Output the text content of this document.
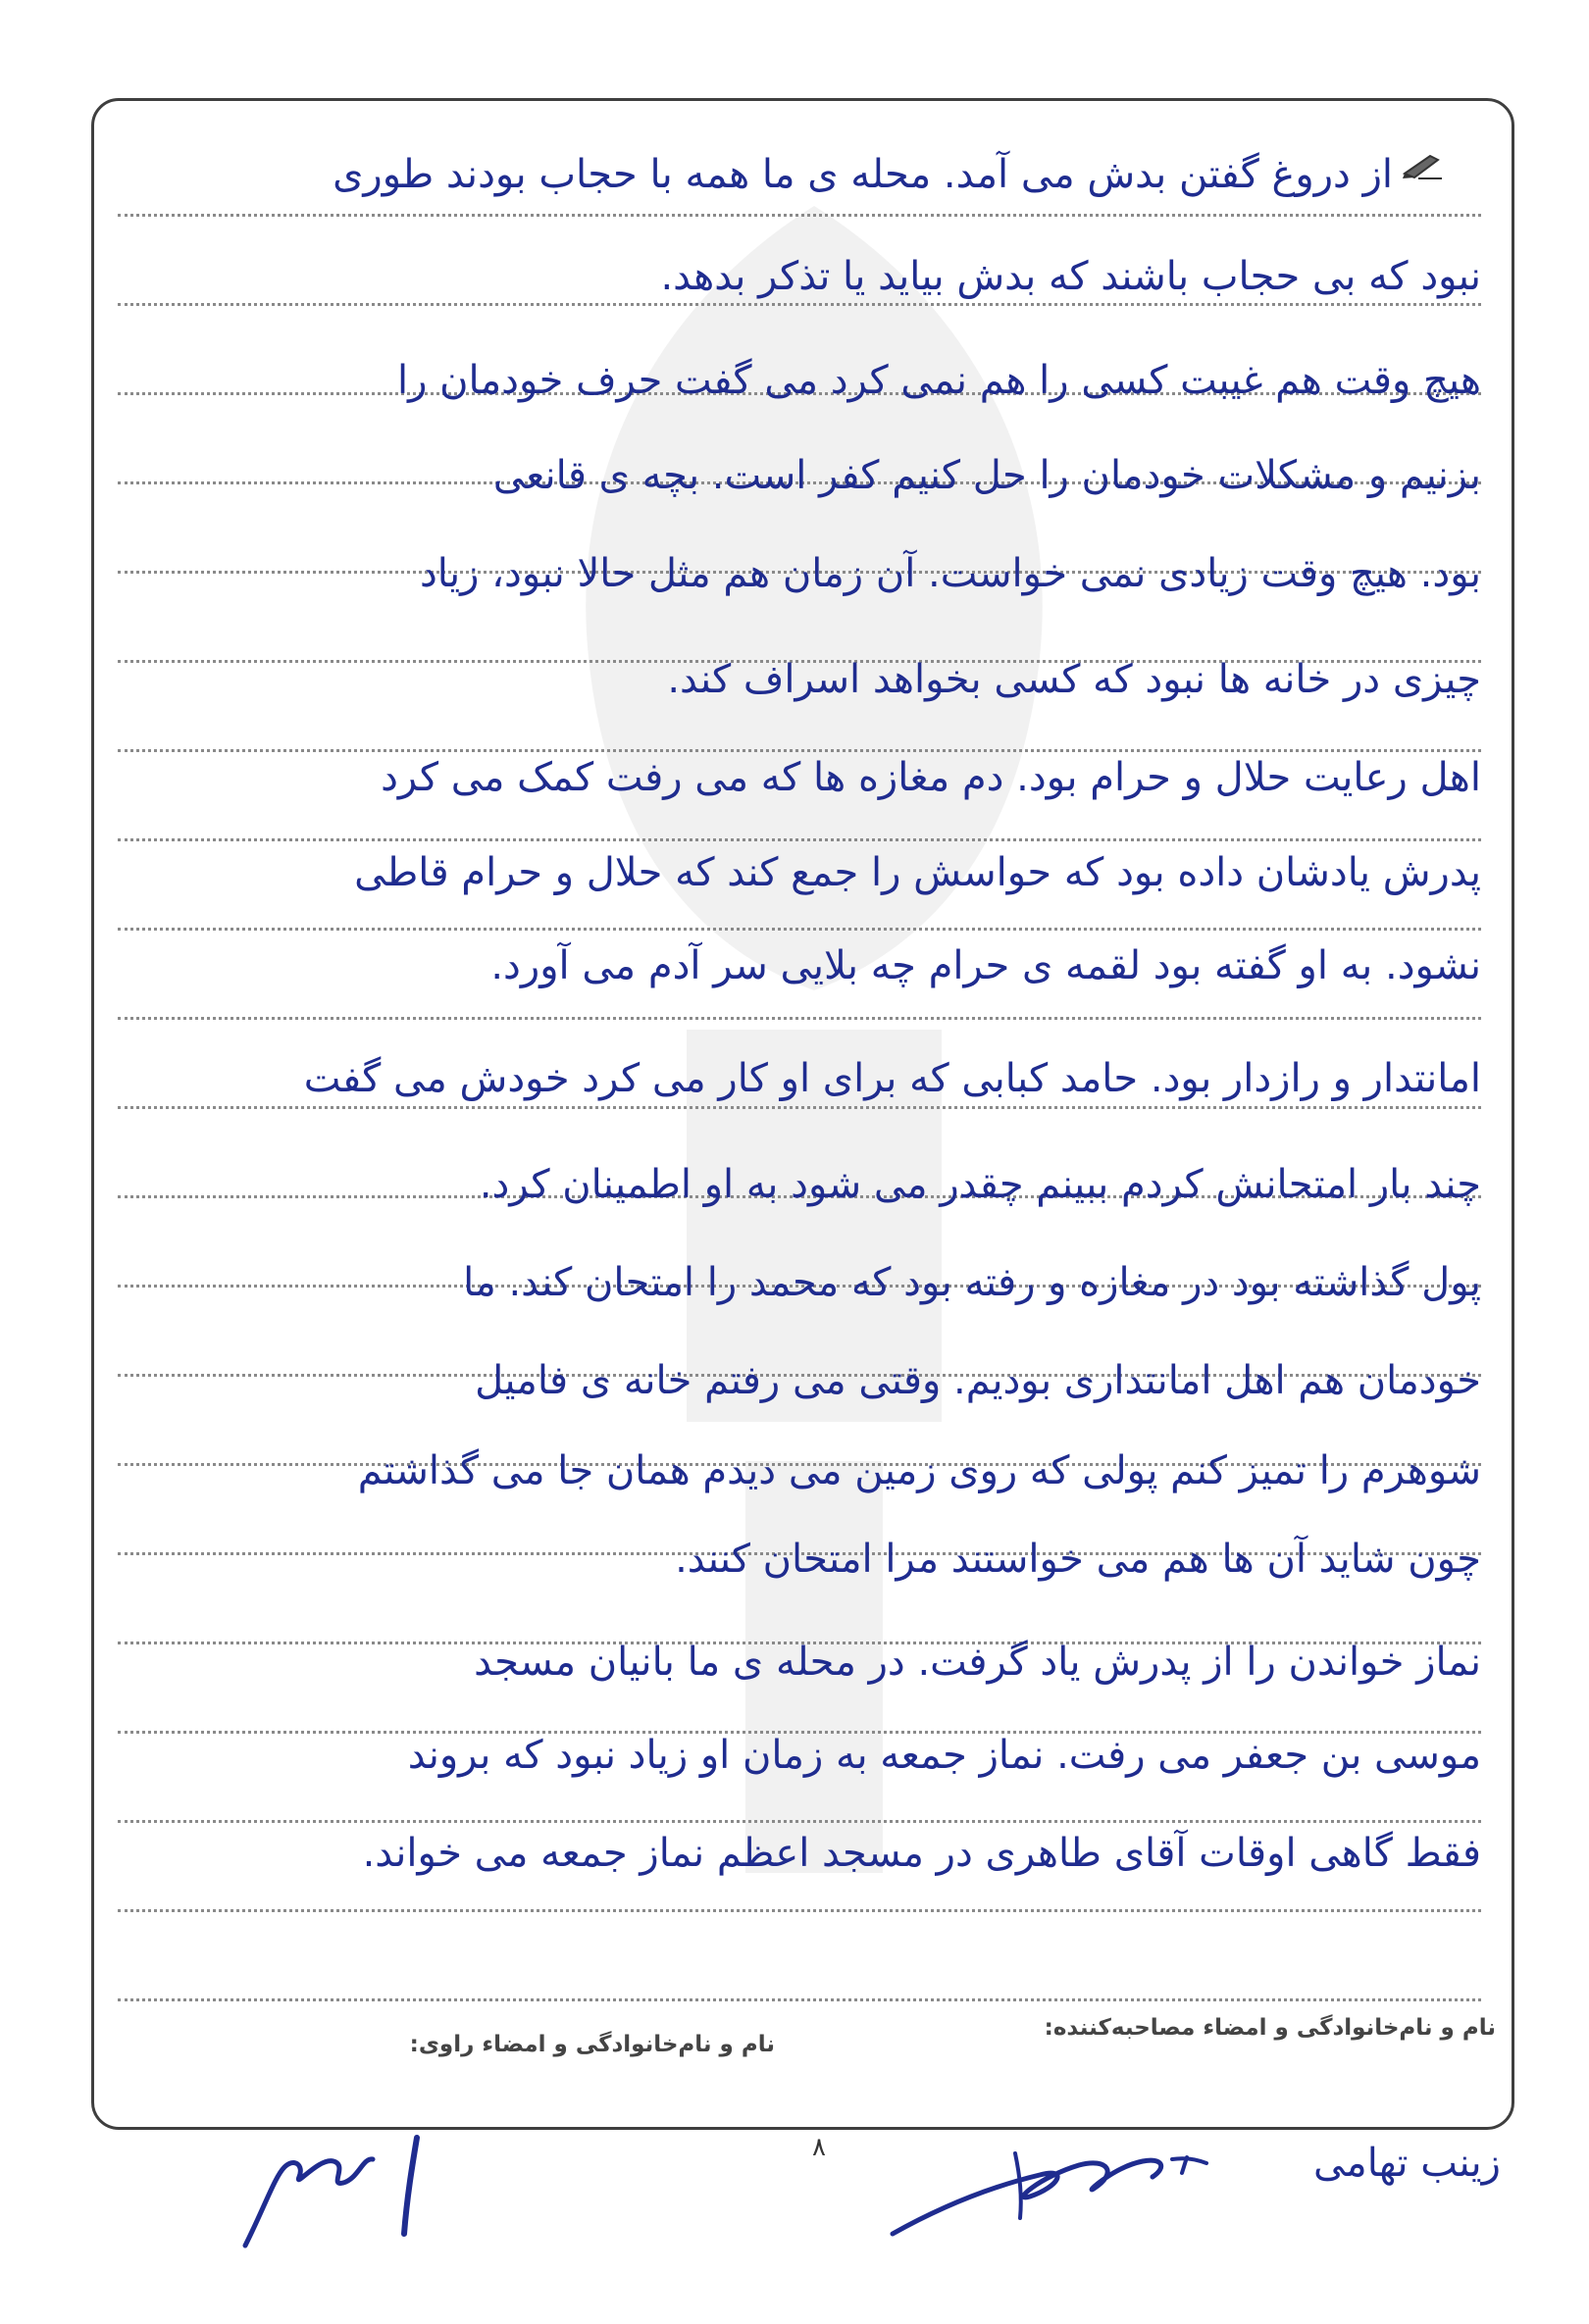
از دروغ گفتن بدش می آمد. محله ی ما همه با حجاب بودند طوری
نبود که بی حجاب باشند که بدش بیاید یا تذکر بدهد.
هیچ وقت هم غیبت کسی را هم نمی کرد می گفت حرف خودمان را
بزنیم و مشکلات خودمان را حل کنیم کفر است. بچه ی قانعی
بود. هیچ وقت زیادی نمی خواست. آن زمان هم مثل حالا نبود، زیاد
چیزی در خانه ها نبود که کسی بخواهد اسراف کند.
اهل رعایت حلال و حرام بود. دم مغازه ها که می رفت کمک می کرد
پدرش یادشان داده بود که حواسش را جمع کند که حلال و حرام قاطی
نشود. به او گفته بود لقمه ی حرام چه بلایی سر آدم می آورد.
امانتدار و رازدار بود. حامد کبابی که برای او کار می کرد خودش می گفت
چند بار امتحانش کردم ببینم چقدر می شود به او اطمینان کرد.
پول گذاشته بود در مغازه و رفته بود که محمد را امتحان کند. ما
خودمان هم اهل امانتداری بودیم. وقتی می رفتم خانه ی فامیل
شوهرم را تمیز کنم پولی که روی زمین می دیدم همان جا می گذاشتم
چون شاید آن ها هم می خواستند مرا امتحان کنند.
نماز خواندن را از پدرش یاد گرفت. در محله ی ما بانیان مسجد
موسی بن جعفر می رفت. نماز جمعه به زمان او زیاد نبود که بروند
فقط گاهی اوقات آقای طاهری در مسجد اعظم نماز جمعه می خواند.
نام و نام‌خانوادگی و امضاء مصاحبه‌کننده:
نام و نام‌خانوادگی و امضاء راوی:
۸	زینب تهامی
